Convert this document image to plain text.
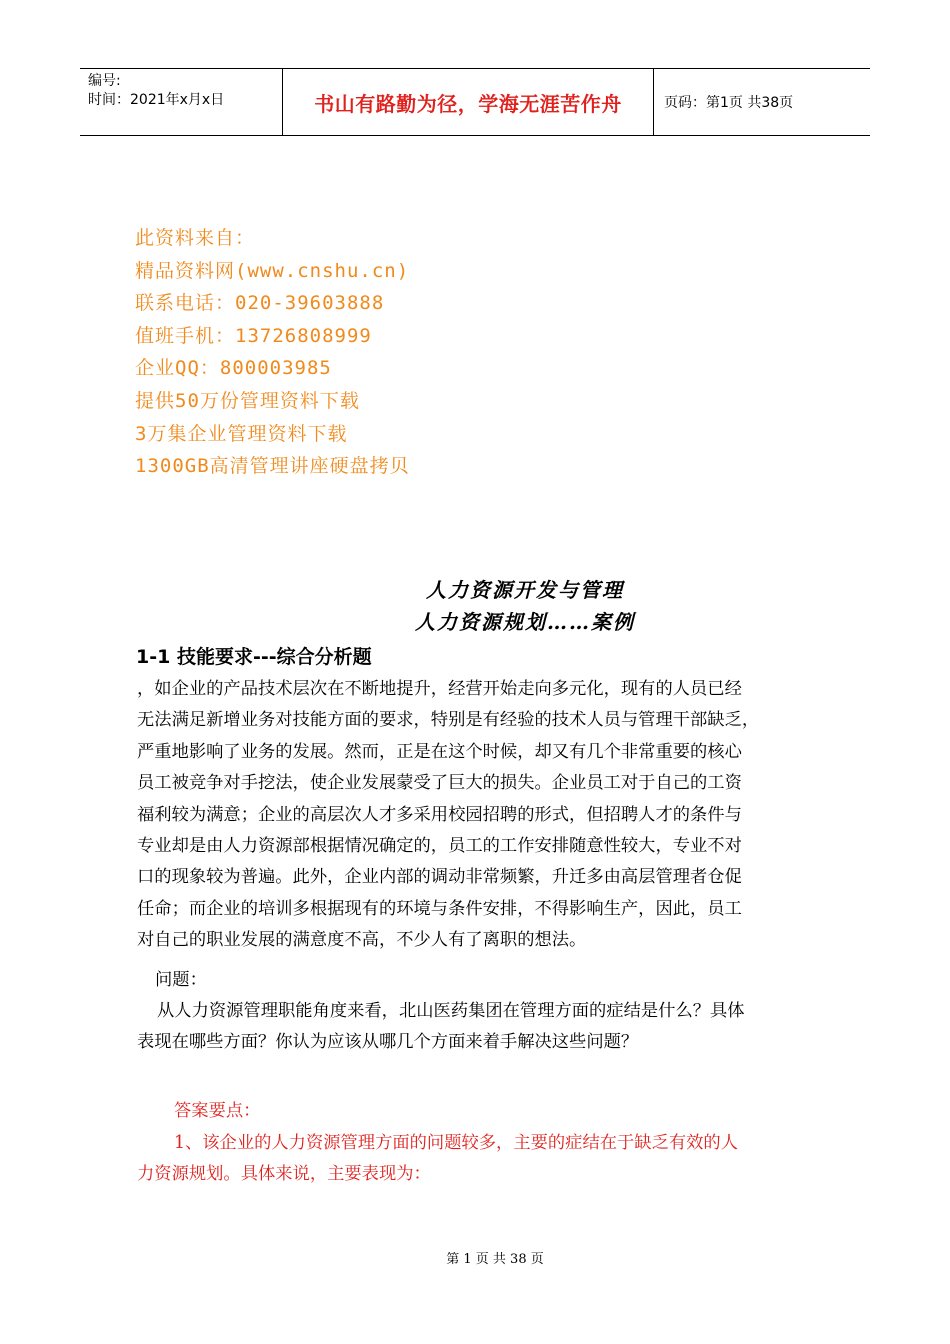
编号:
时间：2021年x月x日	书山有路勤为径，学海无涯苦作舟	页码：第1页 共38页
此资料来自：
精品资料网(www.cnshu.cn)
联系电话：020-39603888
值班手机：13726808999
企业QQ：800003985
提供50万份管理资料下载
3万集企业管理资料下载
1300GB高清管理讲座硬盘拷贝
人力资源开发与管理
人力资源规划……案例
1-1 技能要求---综合分析题
，如企业的产品技术层次在不断地提升，经营开始走向多元化，现有的人员已经
无法满足新增业务对技能方面的要求，特别是有经验的技术人员与管理干部缺乏，
严重地影响了业务的发展。然而，正是在这个时候，却又有几个非常重要的核心
员工被竞争对手挖法，使企业发展蒙受了巨大的损失。企业员工对于自己的工资
福利较为满意；企业的高层次人才多采用校园招聘的形式，但招聘人才的条件与
专业却是由人力资源部根据情况确定的，员工的工作安排随意性较大，专业不对
口的现象较为普遍。此外，企业内部的调动非常频繁，升迁多由高层管理者仓促
任命；而企业的培训多根据现有的环境与条件安排，不得影响生产，因此，员工
对自己的职业发展的满意度不高，不少人有了离职的想法。
问题：
从人力资源管理职能角度来看，北山医药集团在管理方面的症结是什么？具体
表现在哪些方面？你认为应该从哪几个方面来着手解决这些问题？
答案要点：
1、该企业的人力资源管理方面的问题较多，主要的症结在于缺乏有效的人
力资源规划。具体来说，主要表现为：
第 1 页 共 38 页
